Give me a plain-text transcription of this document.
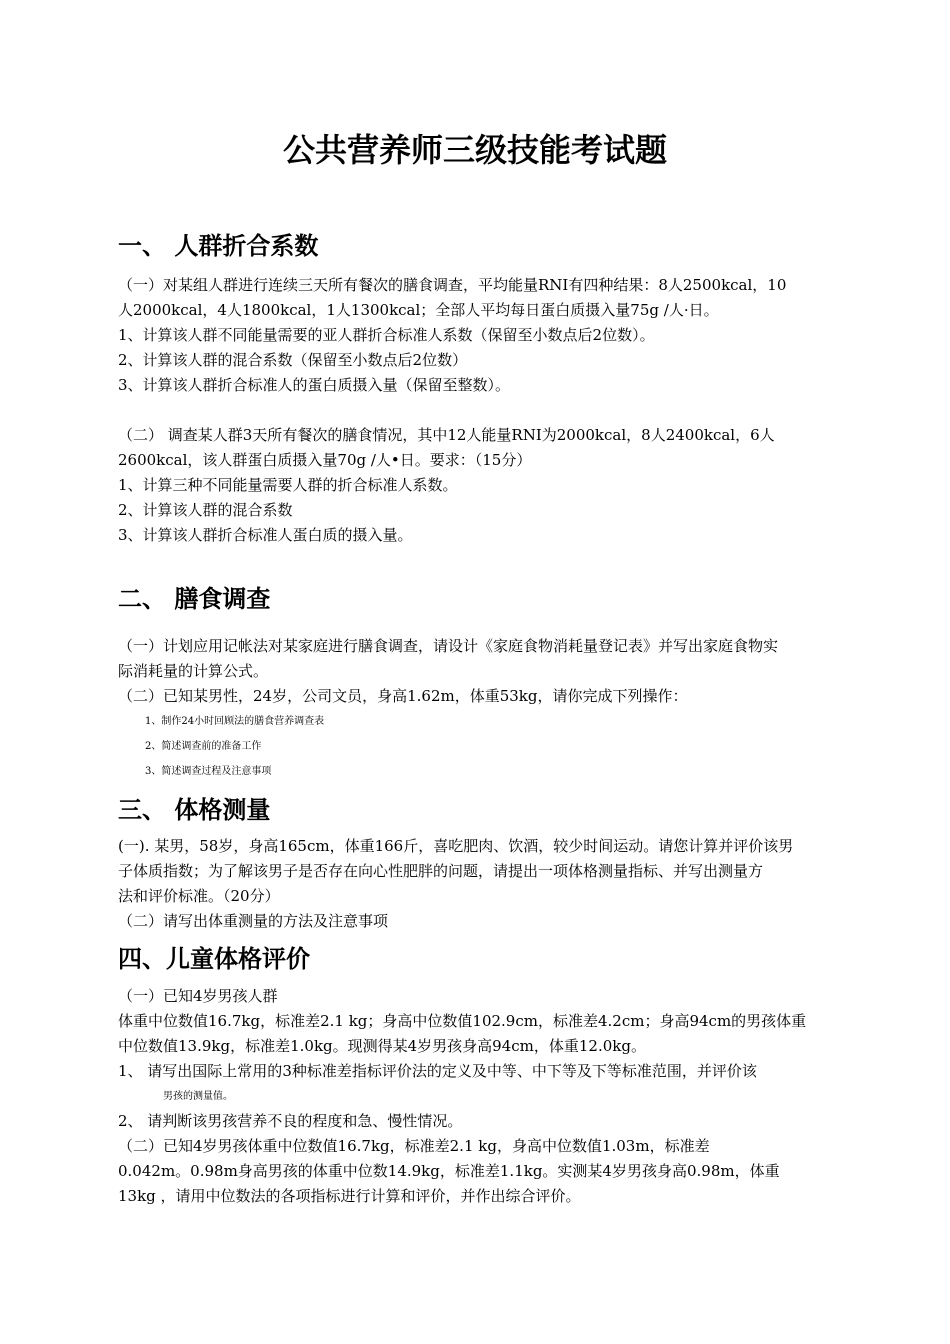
公共营养师三级技能考试题
一、 人群折合系数
（一）对某组人群进行连续三天所有餐次的膳食调查，平均能量RNI有四种结果：8人2500kcal，10
人2000kcal，4人1800kcal，1人1300kcal；全部人平均每日蛋白质摄入量75g /人·日。
1、计算该人群不同能量需要的亚人群折合标准人系数（保留至小数点后2位数）。
2、计算该人群的混合系数（保留至小数点后2位数）
3、计算该人群折合标准人的蛋白质摄入量（保留至整数）。
（二） 调查某人群3天所有餐次的膳食情况，其中12人能量RNI为2000kcal，8人2400kcal，6人
2600kcal，该人群蛋白质摄入量70g /人•日。要求：（15分）
1、计算三种不同能量需要人群的折合标准人系数。
2、计算该人群的混合系数
3、计算该人群折合标准人蛋白质的摄入量。
二、 膳食调查
（一）计划应用记帐法对某家庭进行膳食调查，请设计《家庭食物消耗量登记表》并写出家庭食物实
际消耗量的计算公式。
（二）已知某男性，24岁，公司文员，身高1.62m，体重53kg，请你完成下列操作：
1、制作24小时回顾法的膳食营养调查表
2、简述调查前的准备工作
3、简述调查过程及注意事项
三、 体格测量
(一). 某男，58岁，身高165cm，体重166斤，喜吃肥肉、饮酒，较少时间运动。请您计算并评价该男
子体质指数；为了解该男子是否存在向心性肥胖的问题，请提出一项体格测量指标、并写出测量方
法和评价标准。（20分）
（二）请写出体重测量的方法及注意事项
四、儿童体格评价
（一）已知4岁男孩人群
体重中位数值16.7kg，标准差2.1 kg；身高中位数值102.9cm，标准差4.2cm；身高94cm的男孩体重
中位数值13.9kg，标准差1.0kg。现测得某4岁男孩身高94cm，体重12.0kg。
1、 请写出国际上常用的3种标准差指标评价法的定义及中等、中下等及下等标准范围，并评价该
男孩的测量值。
2、 请判断该男孩营养不良的程度和急、慢性情况。
（二）已知4岁男孩体重中位数值16.7kg，标准差2.1 kg，身高中位数值1.03m，标准差
0.042m。0.98m身高男孩的体重中位数14.9kg，标准差1.1kg。实测某4岁男孩身高0.98m，体重
13kg ，请用中位数法的各项指标进行计算和评价，并作出综合评价。
